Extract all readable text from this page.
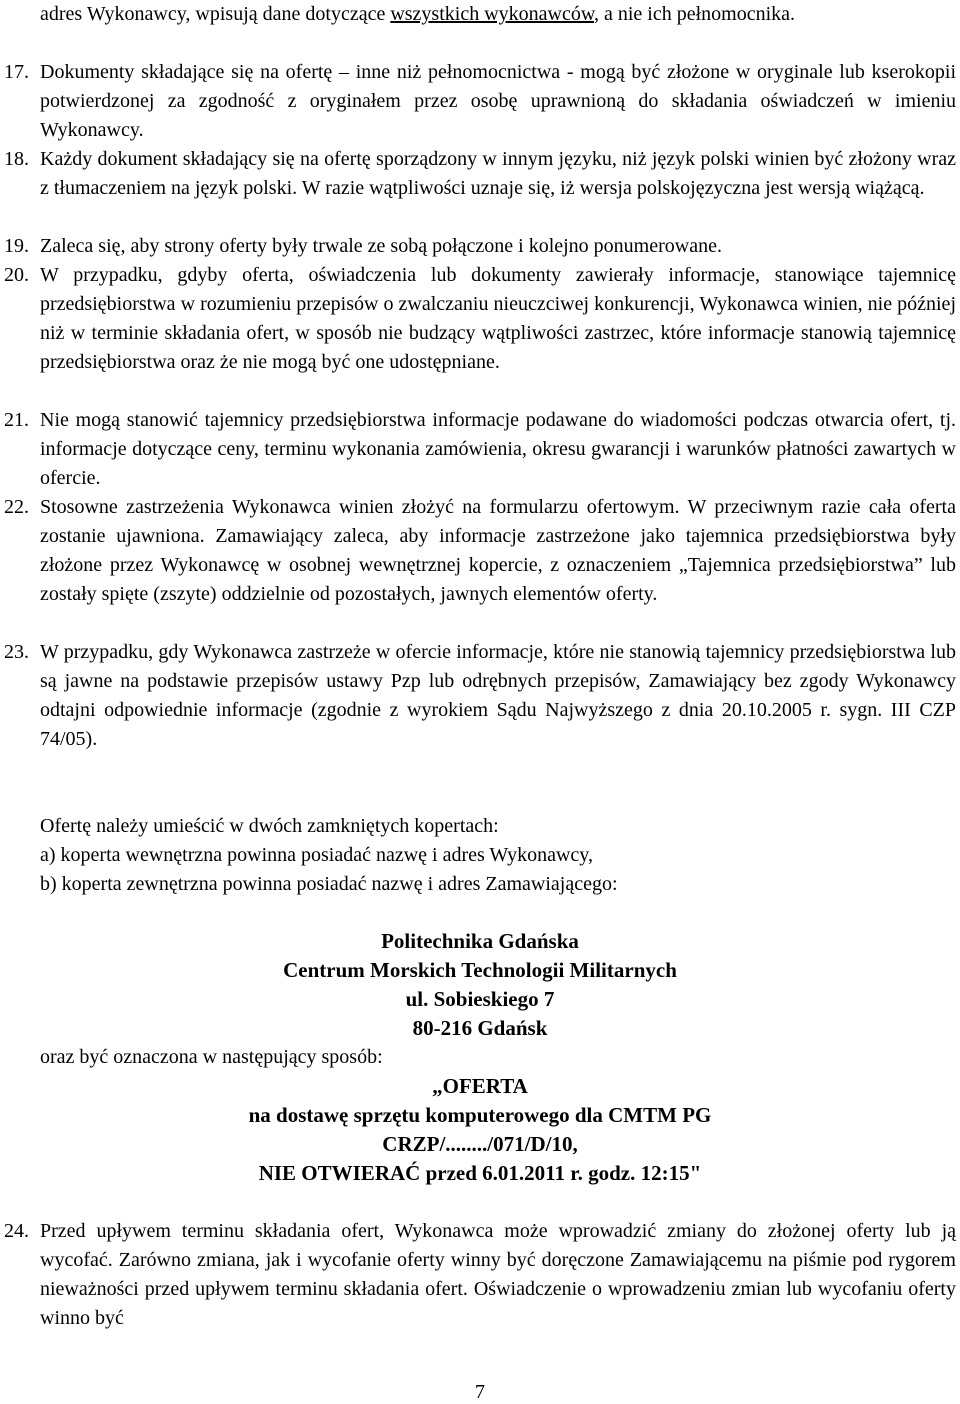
adres Wykonawcy, wpisują dane dotyczące wszystkich wykonawców, a nie ich pełnomocnika.

17. Dokumenty składające się na ofertę – inne niż pełnomocnictwa - mogą być złożone w oryginale lub kserokopii potwierdzonej za zgodność z oryginałem przez osobę uprawnioną do składania oświadczeń w imieniu Wykonawcy.

18. Każdy dokument składający się na ofertę sporządzony w innym języku, niż język polski winien być złożony wraz z tłumaczeniem na język polski. W razie wątpliwości uznaje się, iż wersja polskojęzyczna jest wersją wiążącą.

19. Zaleca się, aby strony oferty były trwale ze sobą połączone i kolejno ponumerowane.

20. W przypadku, gdyby oferta, oświadczenia lub dokumenty zawierały informacje, stanowiące tajemnicę przedsiębiorstwa w rozumieniu przepisów o zwalczaniu nieuczciwej konkurencji, Wykonawca winien, nie później niż w terminie składania ofert, w sposób nie budzący wątpliwości zastrzec, które informacje stanowią tajemnicę przedsiębiorstwa oraz że nie mogą być one udostępniane.

21. Nie mogą stanowić tajemnicy przedsiębiorstwa informacje podawane do wiadomości podczas otwarcia ofert, tj. informacje dotyczące ceny, terminu wykonania zamówienia, okresu gwarancji i warunków płatności zawartych w ofercie.

22. Stosowne zastrzeżenia Wykonawca winien złożyć na formularzu ofertowym. W przeciwnym razie cała oferta zostanie ujawniona. Zamawiający zaleca, aby informacje zastrzeżone jako tajemnica przedsiębiorstwa były złożone przez Wykonawcę w osobnej wewnętrznej kopercie, z oznaczeniem „Tajemnica przedsiębiorstwa” lub zostały spięte (zszyte) oddzielnie od pozostałych, jawnych elementów oferty.

23. W przypadku, gdy Wykonawca zastrzeże w ofercie informacje, które nie stanowią tajemnicy przedsiębiorstwa lub są jawne na podstawie przepisów ustawy Pzp lub odrębnych przepisów, Zamawiający bez zgody Wykonawcy odtajni odpowiednie informacje (zgodnie z wyrokiem Sądu Najwyższego z dnia 20.10.2005 r. sygn. III CZP 74/05).

Ofertę należy umieścić w dwóch zamkniętych kopertach:

a) koperta wewnętrzna powinna posiadać nazwę i adres Wykonawcy,

b) koperta zewnętrzna powinna posiadać nazwę i adres Zamawiającego:

Politechnika Gdańska

Centrum Morskich Technologii Militarnych

ul. Sobieskiego 7

80-216 Gdańsk

oraz być oznaczona w następujący sposób:

„OFERTA

na dostawę sprzętu komputerowego dla CMTM PG

CRZP/......../071/D/10,

NIE OTWIERAĆ przed 6.01.2011 r. godz. 12:15"

24. Przed upływem terminu składania ofert, Wykonawca może wprowadzić zmiany do złożonej oferty lub ją wycofać. Zarówno zmiana, jak i wycofanie oferty winny być doręczone Zamawiającemu na piśmie pod rygorem nieważności przed upływem terminu składania ofert. Oświadczenie o wprowadzeniu zmian lub wycofaniu oferty winno być

7
